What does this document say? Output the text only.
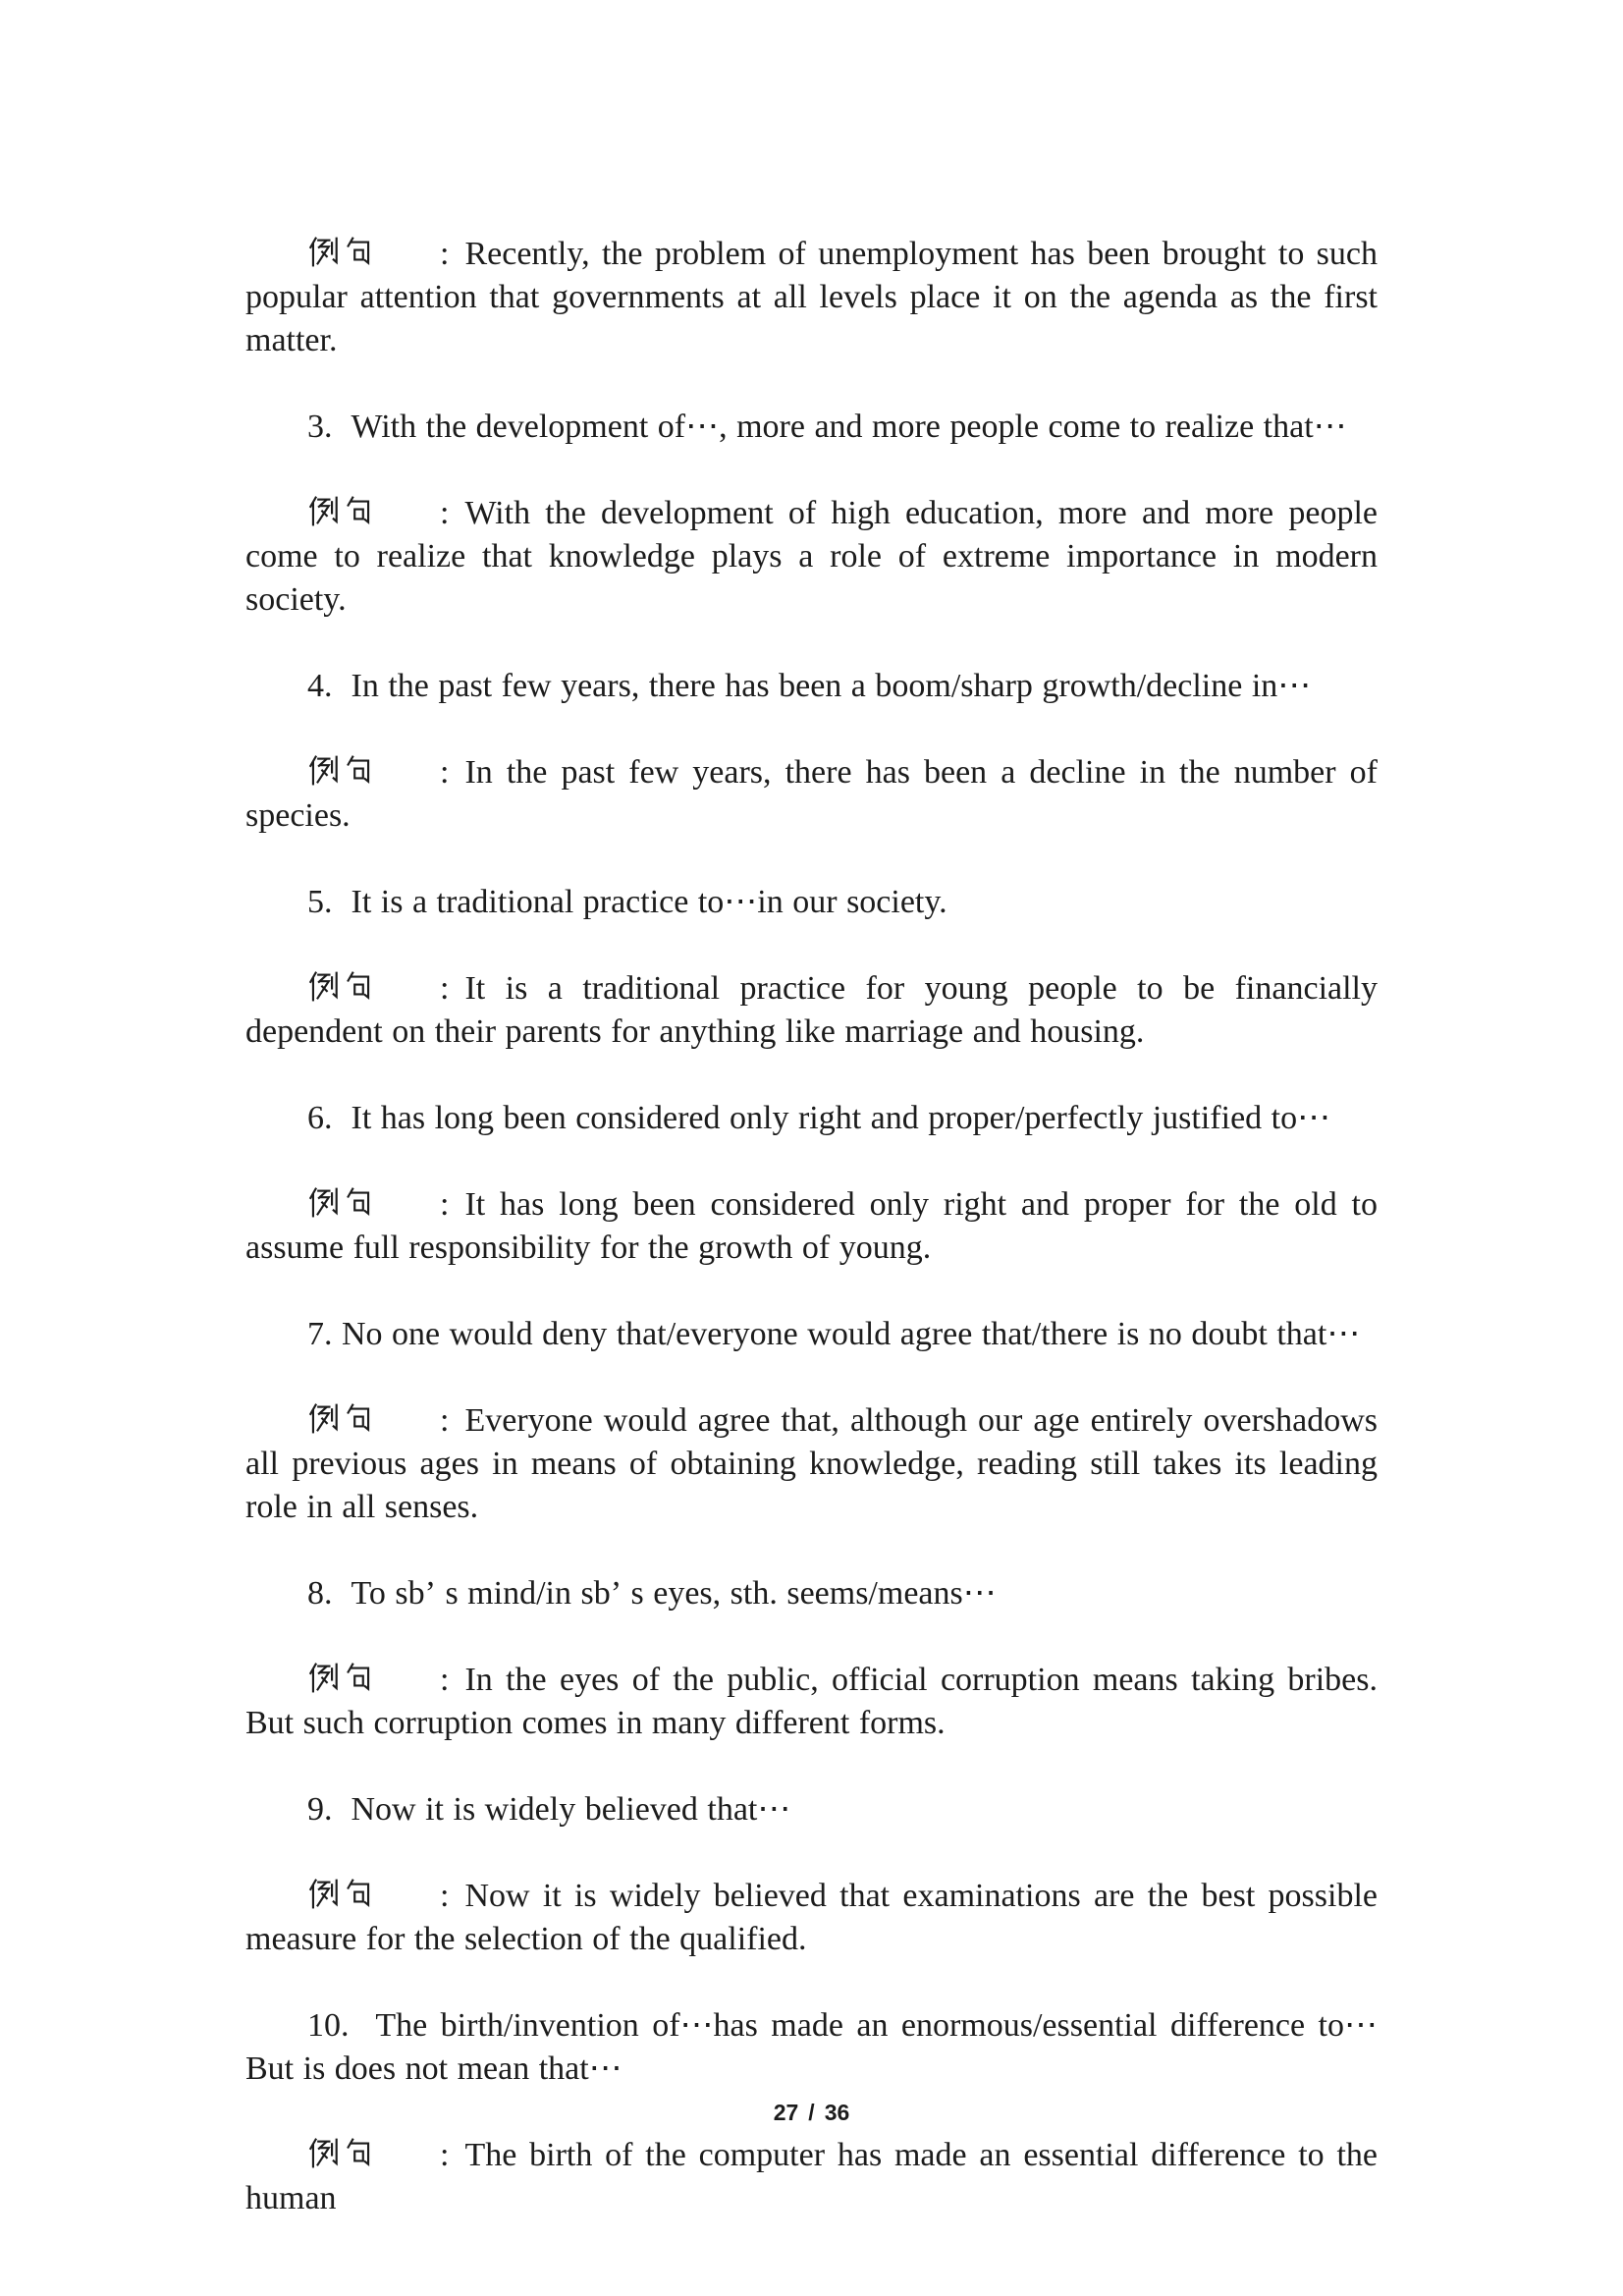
: Recently, the problem of unemployment has been brought to such popular attention that governments at all levels place it on the agenda as the first matter.

3.  With the development of⋯, more and more people come to realize that⋯

: With the development of high education, more and more people come to realize that knowledge plays a role of extreme importance in modern society.

4.  In the past few years, there has been a boom/sharp growth/decline in⋯

: In the past few years, there has been a decline in the number of species.

5.  It is a traditional practice to⋯in our society.

: It is a traditional practice for young people to be financially dependent on their parents for anything like marriage and housing.

6.  It has long been considered only right and proper/perfectly justified to⋯

: It has long been considered only right and proper for the old to assume full responsibility for the growth of young.

7. No one would deny that/everyone would agree that/there is no doubt that⋯

: Everyone would agree that, although our age entirely overshadows all previous ages in means of obtaining knowledge, reading still takes its leading role in all senses.

8.  To sb’ s mind/in sb’ s eyes, sth. seems/means⋯

: In the eyes of the public, official corruption means taking bribes. But such corruption comes in many different forms.

9.  Now it is widely believed that⋯

: Now it is widely believed that examinations are the best possible measure for the selection of the qualified.

10.  The birth/invention of⋯has made an enormous/essential difference to⋯ But is does not mean that⋯

: The birth of the computer has made an essential difference to the human

27 / 36
